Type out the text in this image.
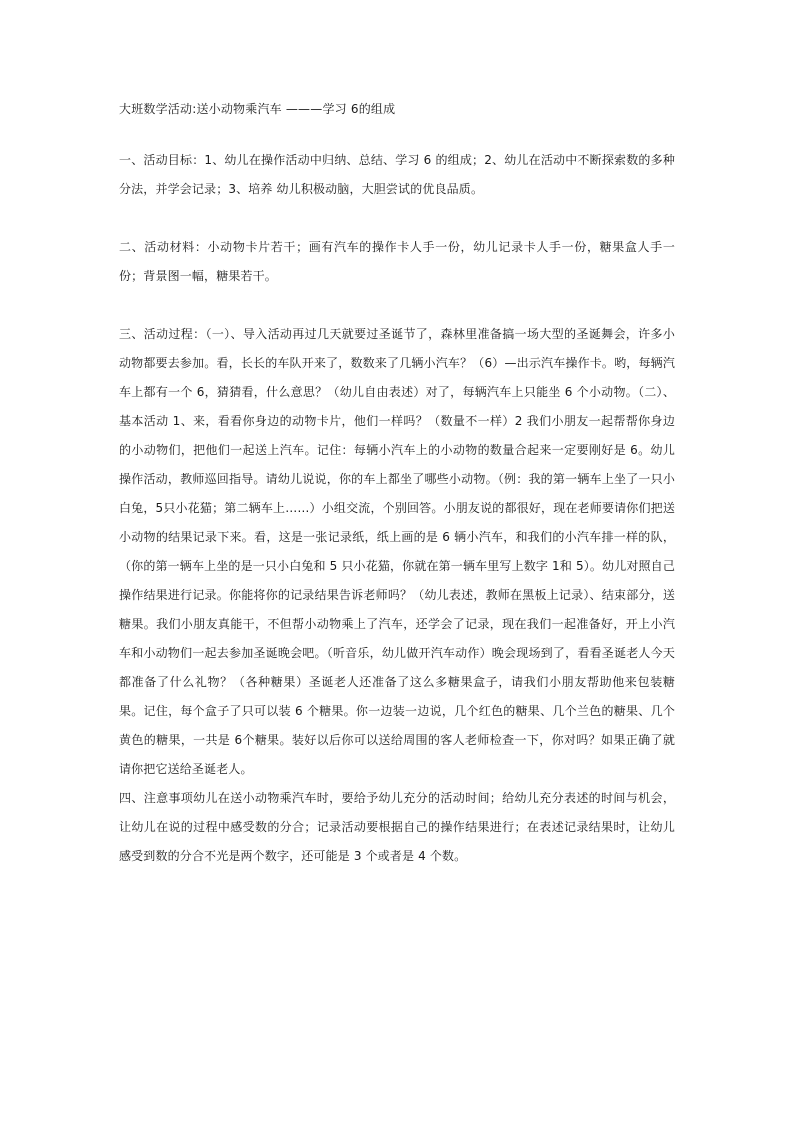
大班数学活动:送小动物乘汽车 ———学习 6的组成

一、活动目标：1、幼儿在操作活动中归纳、总结、学习 6 的组成；2、幼儿在活动中不断探索数的多种分法，并学会记录；3、培养 幼儿积极动脑，大胆尝试的优良品质。

二、活动材料：小动物卡片若干；画有汽车的操作卡人手一份，幼儿记录卡人手一份，糖果盒人手一份；背景图一幅，糖果若干。

三、活动过程：（一）、导入活动再过几天就要过圣诞节了，森林里准备搞一场大型的圣诞舞会，许多小动物都要去参加。看，长长的车队开来了，数数来了几辆小汽车？（6）—出示汽车操作卡。哟，每辆汽车上都有一个 6，猜猜看，什么意思？（幼儿自由表述）对了，每辆汽车上只能坐 6 个小动物。（二）、基本活动 1、来，看看你身边的动物卡片，他们一样吗？（数量不一样）2 我们小朋友一起帮帮你身边的小动物们，把他们一起送上汽车。记住：每辆小汽车上的小动物的数量合起来一定要刚好是 6。幼儿操作活动，教师巡回指导。请幼儿说说，你的车上都坐了哪些小动物。（例：我的第一辆车上坐了一只小白兔，5只小花猫；第二辆车上……）小组交流，个别回答。小朋友说的都很好，现在老师要请你们把送小动物的结果记录下来。看，这是一张记录纸，纸上画的是 6 辆小汽车，和我们的小汽车排一样的队，（你的第一辆车上坐的是一只小白兔和 5 只小花猫，你就在第一辆车里写上数字 1和 5）。幼儿对照自己操作结果进行记录。你能将你的记录结果告诉老师吗？（幼儿表述，教师在黑板上记录）、结束部分，送糖果。我们小朋友真能干，不但帮小动物乘上了汽车，还学会了记录，现在我们一起准备好，开上小汽车和小动物们一起去参加圣诞晚会吧。（听音乐，幼儿做开汽车动作）晚会现场到了，看看圣诞老人今天都准备了什么礼物？（各种糖果）圣诞老人还准备了这么多糖果盒子，请我们小朋友帮助他来包装糖果。记住，每个盒子了只可以装 6 个糖果。你一边装一边说，几个红色的糖果、几个兰色的糖果、几个黄色的糖果，一共是 6个糖果。装好以后你可以送给周围的客人老师检查一下，你对吗？如果正确了就请你把它送给圣诞老人。

四、注意事项幼儿在送小动物乘汽车时，要给予幼儿充分的活动时间；给幼儿充分表述的时间与机会，让幼儿在说的过程中感受数的分合；记录活动要根据自己的操作结果进行；在表述记录结果时，让幼儿感受到数的分合不光是两个数字，还可能是 3 个或者是 4 个数。
